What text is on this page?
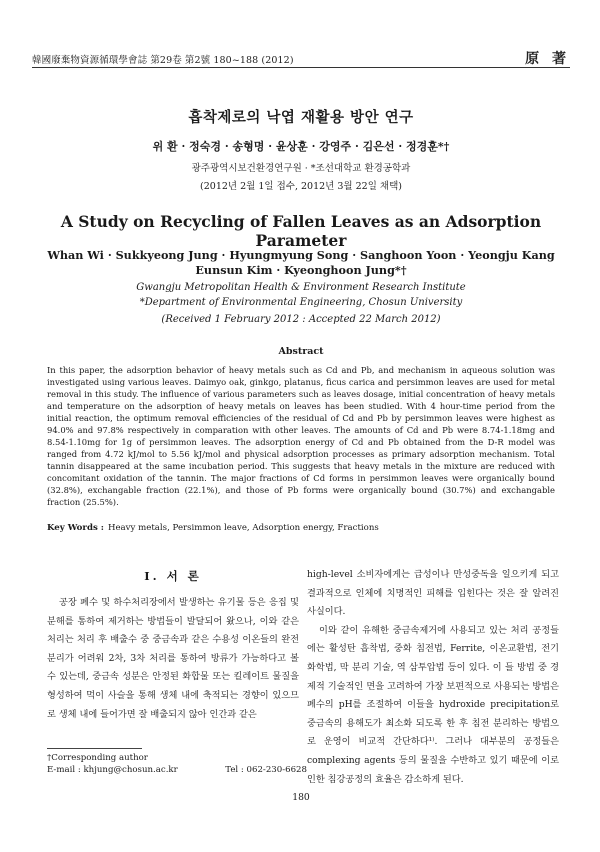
韓國廢棄物資源循環學會誌 第29卷 第2號 180~188 (2012)	原 著
흡착제로의 낙엽 재활용 방안 연구
위 환 · 정숙경 · 송형명 · 윤상훈 · 강영주 · 김은선 · 정경훈*†
광주광역시보건환경연구원 · *조선대학교 환경공학과
(2012년 2월 1일 접수, 2012년 3월 22일 채택)
A Study on Recycling of Fallen Leaves as an Adsorption Parameter
Whan Wi · Sukkyeong Jung · Hyungmyung Song · Sanghoon Yoon · Yeongju Kang
Eunsun Kim · Kyeonghoon Jung*†
Gwangju Metropolitan Health & Environment Research Institute
*Department of Environmental Engineering, Chosun University
(Received 1 February 2012 : Accepted 22 March 2012)
Abstract
In this paper, the adsorption behavior of heavy metals such as Cd and Pb, and mechanism in aqueous solution was investigated using various leaves. Daimyo oak, ginkgo, platanus, ficus carica and persimmon leaves are used for metal removal in this study. The influence of various parameters such as leaves dosage, initial concentration of heavy metals and temperature on the adsorption of heavy metals on leaves has been studied. With 4 hour-time period from the initial reaction, the optimum removal efficiencies of the residual of Cd and Pb by persimmon leaves were highest as 94.0% and 97.8% respectively in comparation with other leaves. The amounts of Cd and Pb were 8.74-1.18mg and 8.54-1.10mg for 1g of persimmon leaves. The adsorption energy of Cd and Pb obtained from the D-R model was ranged from 4.72 kJ/mol to 5.56 kJ/mol and physical adsorption processes as primary adsorption mechanism. Total tannin disappeared at the same incubation period. This suggests that heavy metals in the mixture are reduced with concomitant oxidation of the tannin. The major fractions of Cd forms in persimmon leaves were organically bound (32.8%), exchangable fraction (22.1%), and those of Pb forms were organically bound (30.7%) and exchangable fraction (25.5%).
Key Words : Heavy metals, Persimmon leave, Adsorption energy, Fractions
I. 서 론

공장 폐수 및 하수처리장에서 발생하는 유기물 등은 응집 및 분해를 통하여 제거하는 방법들이 발달되어 왔으나, 이와 같은 처리는 처리 후 배출수 중 중금속과 같은 수용성 이온들의 완전 분리가 어려워 2차, 3차 처리를 통하여 방류가 가능하다고 볼 수 있는데, 중금속 성분은 안정된 화합물 또는 킬레이트 물질을 형성하여 먹이 사슬을 통해 생체 내에 축적되는 경향이 있으므로 생체 내에 들어가면 잘 배출되지 않아 인간과 같은

high-level 소비자에게는 급성이나 만성중독을 일으키게 되고 결과적으로 인체에 치명적인 피해를 입힌다는 것은 잘 알려진 사실이다.

이와 같이 유해한 중금속제거에 사용되고 있는 처리 공정들에는 활성탄 흡착법, 중화 침전법, Ferrite, 이온교환법, 전기 화학법, 막 분리 기술, 역 삼투압법 등이 있다. 이 들 방법 중 경제적 기술적인 면을 고려하여 가장 보편적으로 사용되는 방법은 폐수의 pH를 조절하여 이들을 hydroxide precipitation로 중금속의 용해도가 최소화 되도록 한 후 침전 분리하는 방법으로 운영이 비교적 간단하다¹⁾. 그러나 대부분의 공정들은 complexing agents 등의 물질을 수반하고 있기 때문에 이로 인한 침강공정의 효율은 감소하게 된다.

†Corresponding author
E-mail : khjung@chosun.ac.kr	Tel : 062-230-6628
180
